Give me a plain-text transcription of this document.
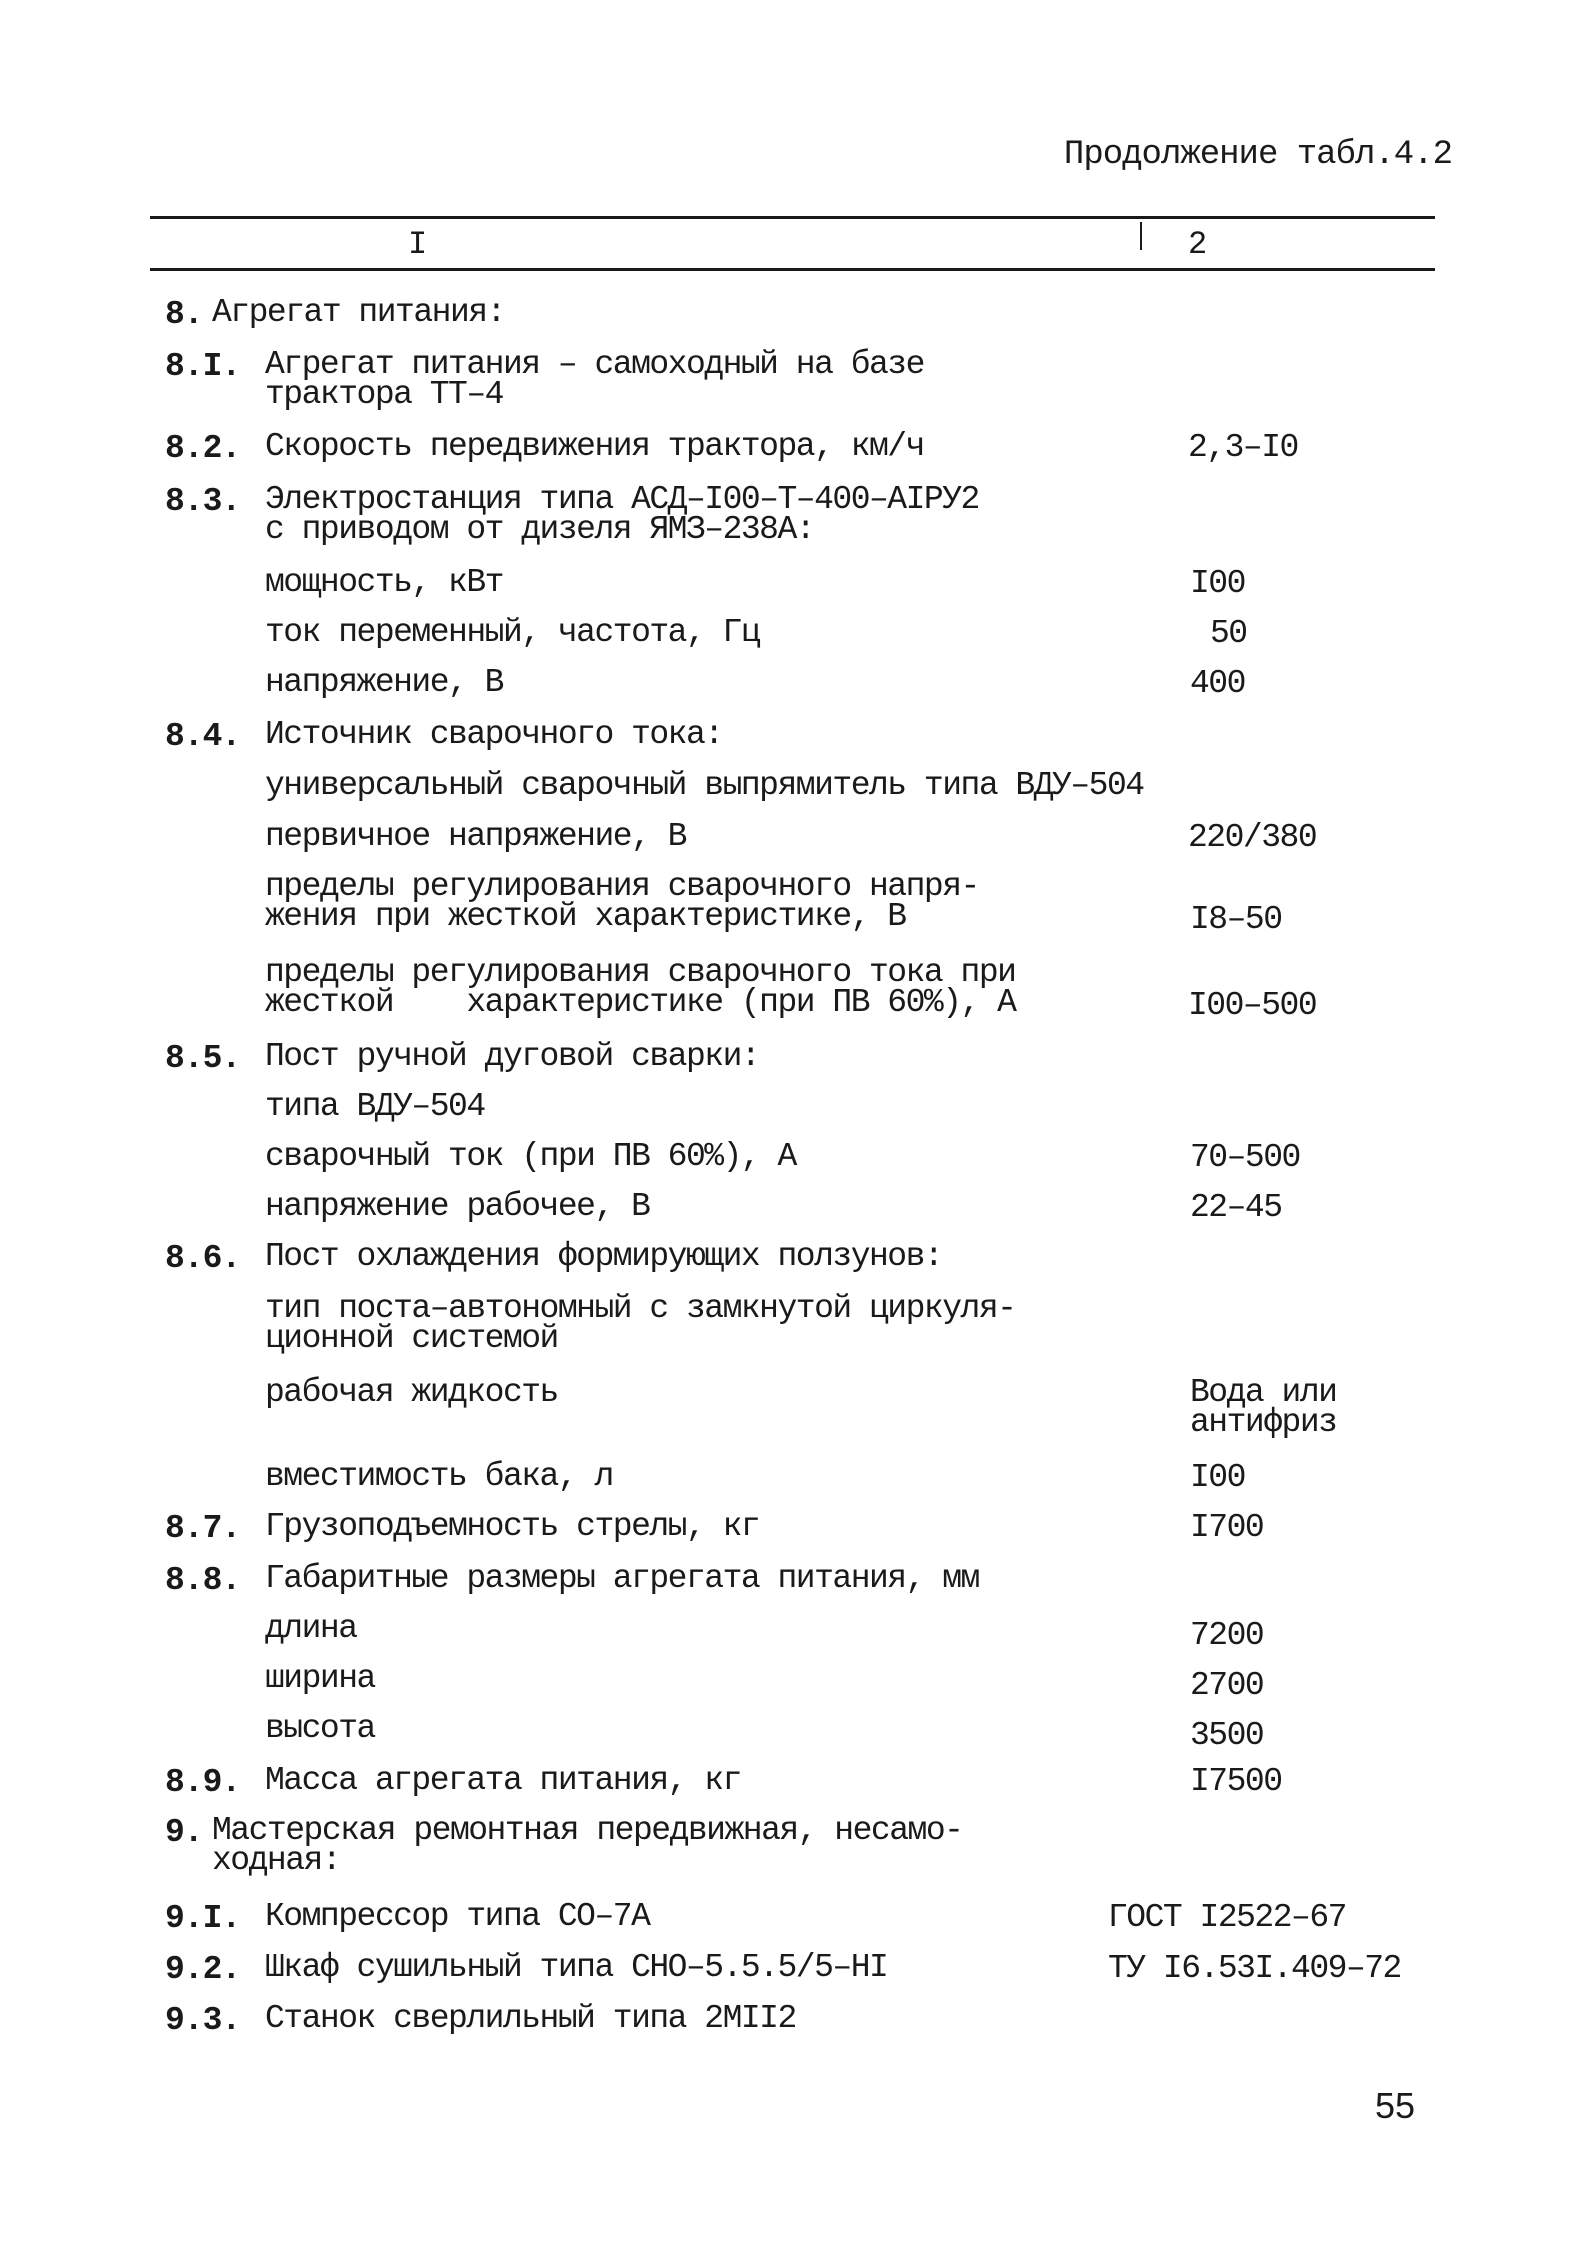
Продолжение табл.4.2
I	2
8. Агрегат питания:
8.I. Агрегат питания – самоходный на базе
трактора ТТ–4
8.2. Скорость передвижения трактора, км/ч	2,3–I0
8.3. Электростанция типа АСД–I00–Т–400–АIРУ2
с приводом от дизеля ЯМЗ–238А:
мощность, кВт	I00
ток переменный, частота, Гц	50
напряжение, В	400
8.4. Источник сварочного тока:
универсальный сварочный выпрямитель типа ВДУ–504
первичное напряжение, В	220/380
пределы регулирования сварочного напря-
жения при жесткой характеристике, В	I8–50
пределы регулирования сварочного тока при
жесткой    характеристике (при ПВ 60%), А	I00–500
8.5. Пост ручной дуговой сварки:
типа ВДУ–504
сварочный ток (при ПВ 60%), А	70–500
напряжение рабочее, В	22–45
8.6. Пост охлаждения формирующих ползунов:
тип поста–автономный с замкнутой циркуля-
ционной системой
рабочая жидкость	Вода или
антифриз
вместимость бака, л	I00
8.7. Грузоподъемность стрелы, кг	I700
8.8. Габаритные размеры агрегата питания, мм
длина	7200
ширина	2700
высота	3500
8.9. Масса агрегата питания, кг	I7500
9. Мастерская ремонтная передвижная, несамо-
ходная:
9.I. Компрессор типа СО–7А	ГОСТ I2522–67
9.2. Шкаф сушильный типа СНО–5.5.5/5–НI	ТУ I6.53I.409–72
9.3. Станок сверлильный типа 2МII2
55
